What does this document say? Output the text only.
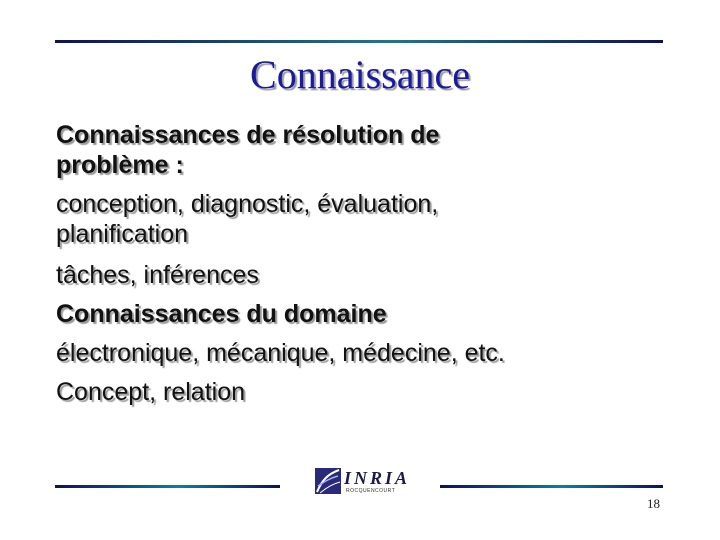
Connaissance
Connaissances de résolution de
problème :
conception, diagnostic, évaluation,
planification
tâches, inférences
Connaissances du domaine
électronique, mécanique, médecine, etc.
Concept, relation
INRIA
ROCQUENCOURT
18
